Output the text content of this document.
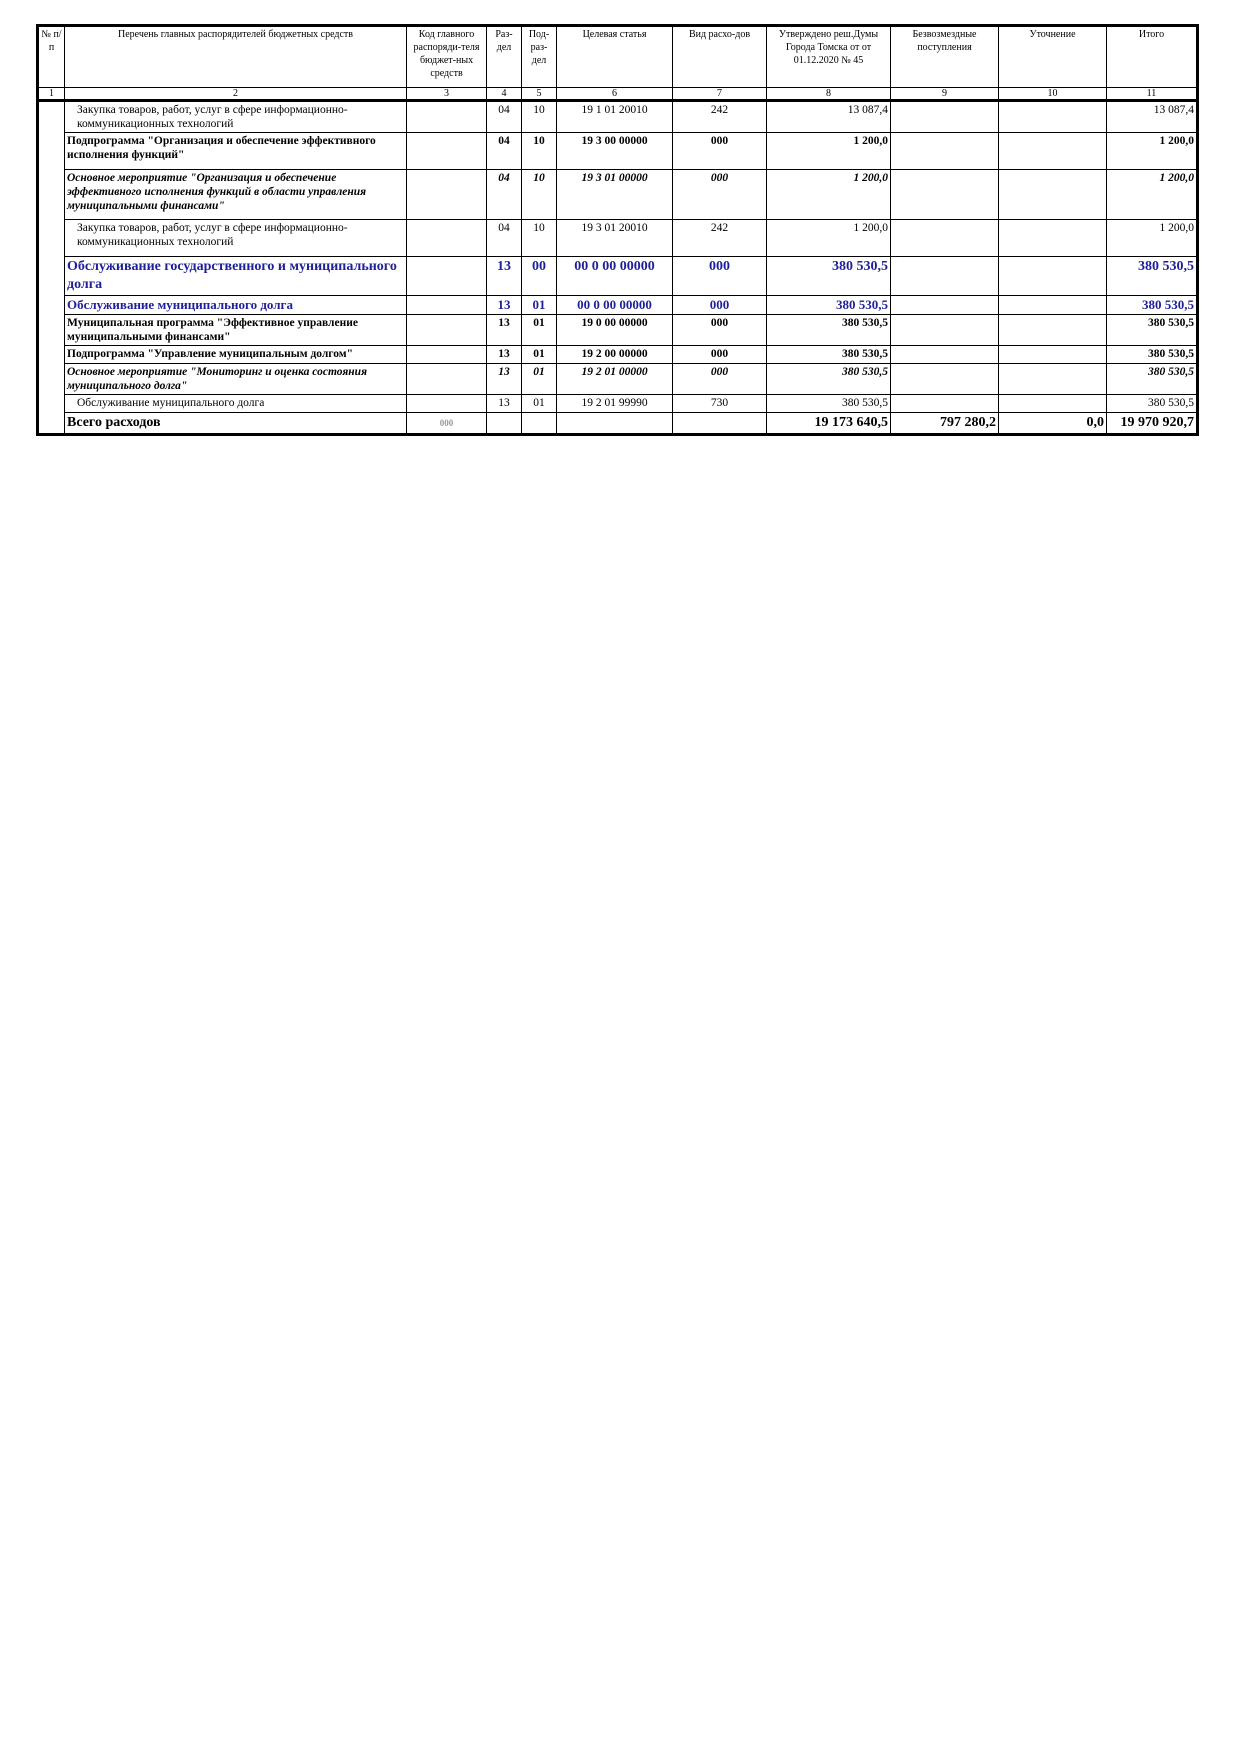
№ п/п	Перечень главных распорядителей бюджетных средств	Код главного распоряди-теля бюджет-ных средств	Раз-дел	Под-раз-дел	Целевая статья	Вид расхо-дов	Утверждено реш.Думы Города Томска от от 01.12.2020 № 45	Безвозмездные поступления	Уточнение	Итого
1	2	3	4	5	6	7	8	9	10	11
	Закупка товаров, работ, услуг в сфере информационно-коммуникационных технологий		04	10	19 1 01 20010	242	13 087,4			13 087,4
	Подпрограмма "Организация и обеспечение эффективного исполнения функций"		04	10	19 3 00 00000	000	1 200,0			1 200,0
	Основное мероприятие "Организация и обеспечение эффективного исполнения функций в области управления муниципальными финансами"		04	10	19 3 01 00000	000	1 200,0			1 200,0
	Закупка товаров, работ, услуг в сфере информационно-коммуникационных технологий		04	10	19 3 01 20010	242	1 200,0			1 200,0
	Обслуживание государственного и муниципального долга		13	00	00 0 00 00000	000	380 530,5			380 530,5
	Обслуживание муниципального долга		13	01	00 0 00 00000	000	380 530,5			380 530,5
	Муниципальная программа "Эффективное управление муниципальными финансами"		13	01	19 0 00 00000	000	380 530,5			380 530,5
	Подпрограмма "Управление муниципальным долгом"		13	01	19 2 00 00000	000	380 530,5			380 530,5
	Основное мероприятие "Мониторинг и оценка состояния муниципального долга"		13	01	19 2 01 00000	000	380 530,5			380 530,5
	Обслуживание муниципального долга		13	01	19 2 01 99990	730	380 530,5			380 530,5
	Всего расходов	000					19 173 640,5	797 280,2	0,0	19 970 920,7
